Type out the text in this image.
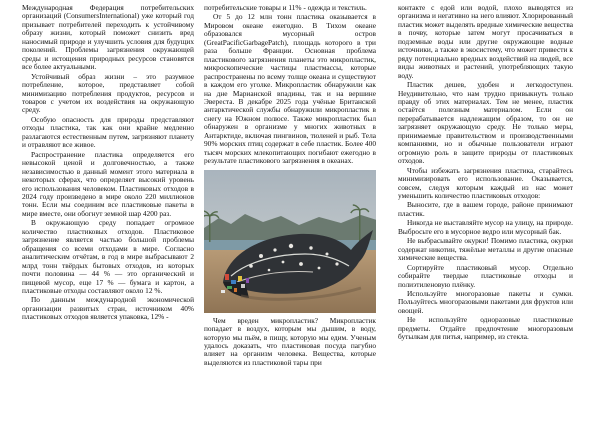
Международная Федерация потребительских организаций (ConsumersInternational) уже который год призывает потребителей переходить к устойчивому образу жизни, который поможет снизить вред наносимый природе и улучшить условия для будущих поколений. Проблемы загрязнения окружающей среды и истощения природных ресурсов становятся все более актуальными.

Устойчивый образ жизни – это разумное потребление, которое, представляет собой минимизацию потребления продуктов, ресурсов и товаров с учетом их воздействия на окружающую среду.

Особую опасность для природы представляют отходы пластика, так как они крайне медленно разлагаются естественным путем, загрязняют планету и отравляют все живое.

Распространение пластика определяется его невысокой ценой и долговечностью, а также независимостью в данный момент этого материала в некоторых сферах, что определяет высокий уровень его использования человеком. Пластиковых отходов в 2024 году произведено в мире около 220 миллионов тонн. Если мы соединим все пластиковые пакеты в мире вместе, они обогнут земной шар 4200 раз.

В окружающую среду попадает огромное количество пластиковых отходов. Пластиковое загрязнение является частью большой проблемы обращения со всеми отходами в мире. Согласно аналитическим отчётам, в год в мире выбрасывают 2 млрд тонн твёрдых бытовых отходов, из которых почти половина — 44 % — это органический и пищевой мусор, еще 17 % — бумага и картон, а пластиковые отходы составляют около 12 %.

По данным международной экономической организации развитых стран, источником 40% пластиковых отходов является упаковка, 12% -

потребительские товары и 11% - одежда и текстиль.

От 5 до 12 млн тонн пластика оказывается в Мировом океане ежегодно. В Тихом океане образовался мусорный остров (GreatPacificGarbagePatch), площадь которого в три раза больше Франции. Основная проблема пластикового загрязнения планеты это микропластик, микроскопические частицы пластмассы, которые распространены по всему толще океана и существуют в каждом его уголке. Микропластик обнаружили как на дне Марианской впадины, так и на вершине Эвереста. В декабре 2025 года учёные Британской антарктической службы обнаружили микропластик в снегу на Южном полюсе. Также микропластик был обнаружен в организме у многих животных в Антарктиде, включая пингвинов, тюленей и рыб. Тела 90% морских птиц содержат в себе пластик. Более 400 тысяч морских млекопитающих погибают ежегодно в результате пластикового загрязнения в океанах.

Чем вреден микропластик? Микропластик попадает в воздух, которым мы дышим, в воду, которую мы пьём, в пищу, которую мы едим. Ученым удалось доказать, что пластиковая посуда пагубно влияет на организм человека. Вещества, которые выделяются из пластиковой тары при

контакте с едой или водой, плохо выводятся из организма и негативно на него влияют. Хлорированный пластик может выделять вредные химические вещества в почву, которые затем могут просачиваться в подземные воды или другие окружающие водные источники, а также в экосистему, что может привести к ряду потенциально вредных воздействий на людей, все виды животных и растений, употребляющих такую воду.

Пластик дешев, удобен и легкодоступен. Неудивительно, что нам трудно привыкнуть только правду об этих материалах. Тем не менее, пластик остаётся полезным материалом. Если он перерабатывается надлежащим образом, то он не загрязняет окружающую среду. Не только меры, принимаемые правительством и производственными компаниями, но и обычные пользователи играют огромную роль в защите природы от пластиковых отходов.

Чтобы избежать загрязнения пластика, старайтесь минимизировать его использование. Оказывается, совсем, следуя которым каждый из нас может уменьшить количество пластиковых отходов:

Выносите, где в вашем городе, районе принимают пластик.

Никогда не выставляйте мусор на улицу, на природе. Выбросьте его в мусорное ведро или мусорный бак.

Не выбрасывайте окурки! Помимо пластика, окурки содержат никотин, тяжёлые металлы и другие опасные химические вещества.

Сортируйте пластиковый мусор. Отдельно собирайте твердые пластиковые отходы и полиэтиленовую плёнку.

Используйте многоразовые пакеты и сумки. Пользуйтесь многоразовыми пакетами для фруктов или овощей.

Не используйте одноразовые пластиковые предметы. Отдайте предпочтение многоразовым бутылкам для питья, например, из стекла.
